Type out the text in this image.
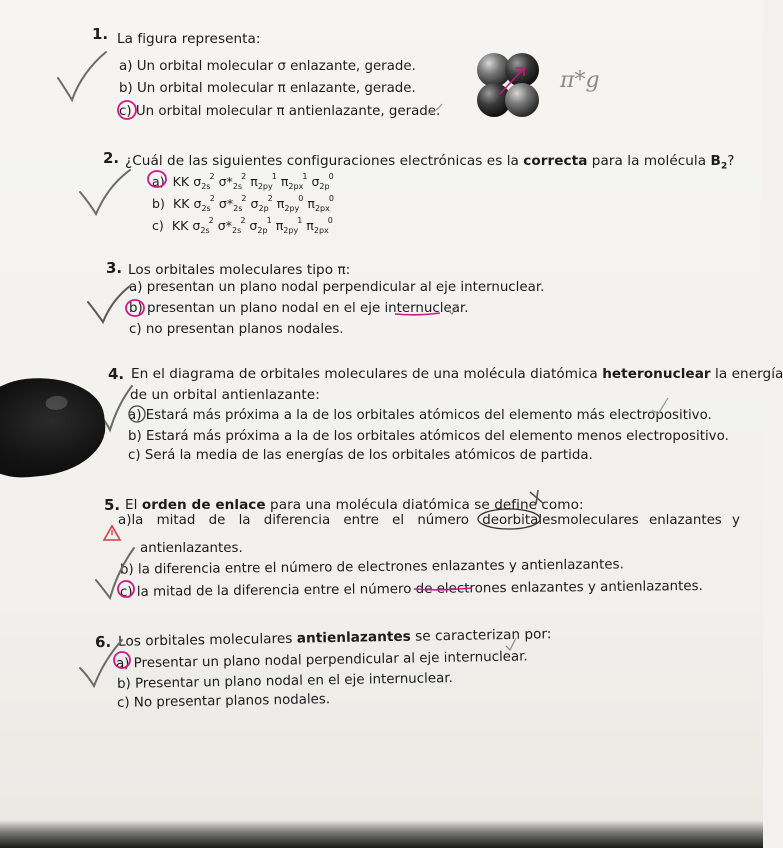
1. La figura representa:
a) Un orbital molecular σ enlazante, gerade.
b) Un orbital molecular π enlazante, gerade.
c) Un orbital molecular π antienlazante, gerade.
π*g
2. ¿Cuál de las siguientes configuraciones electrónicas es la correcta para la molécula $B_2$?
a) KK $\sigma_{2s}^2$ $\sigma*_{2s}^2$ $\pi_{2py}^1$ $\pi_{2px}^1$ $\sigma_{2p}^0$
b) KK $\sigma_{2s}^2$ $\sigma*_{2s}^2$ $\sigma_{2p}^2$ $\pi_{2py}^0$ $\pi_{2px}^0$
c) KK $\sigma_{2s}^2$ $\sigma*_{2s}^2$ $\sigma_{2p}^1$ $\pi_{2py}^1$ $\pi_{2px}^0$
3. Los orbitales moleculares tipo π:
a) presentan un plano nodal perpendicular al eje internuclear.
b) presentan un plano nodal en el eje internuclear.
c) no presentan planos nodales.
4. En el diagrama de orbitales moleculares de una molécula diatómica heteronuclear la energía
de un orbital antienlazante:
a) Estará más próxima a la de los orbitales atómicos del elemento más electropositivo.
b) Estará más próxima a la de los orbitales atómicos del elemento menos electropositivo.
c) Será la media de las energías de los orbitales atómicos de partida.
5. El orden de enlace para una molécula diatómica se define como:
a) la mitad de la diferencia entre el número de orbitales moleculares enlazantes y
antienlazantes.
b) la diferencia entre el número de electrones enlazantes y antienlazantes.
c) la mitad de la diferencia entre el número de electrones enlazantes y antienlazantes.
6. Los orbitales moleculares antienlazantes se caracterizan por:
a) Presentar un plano nodal perpendicular al eje internuclear.
b) Presentar un plano nodal en el eje internuclear.
c) No presentar planos nodales.
